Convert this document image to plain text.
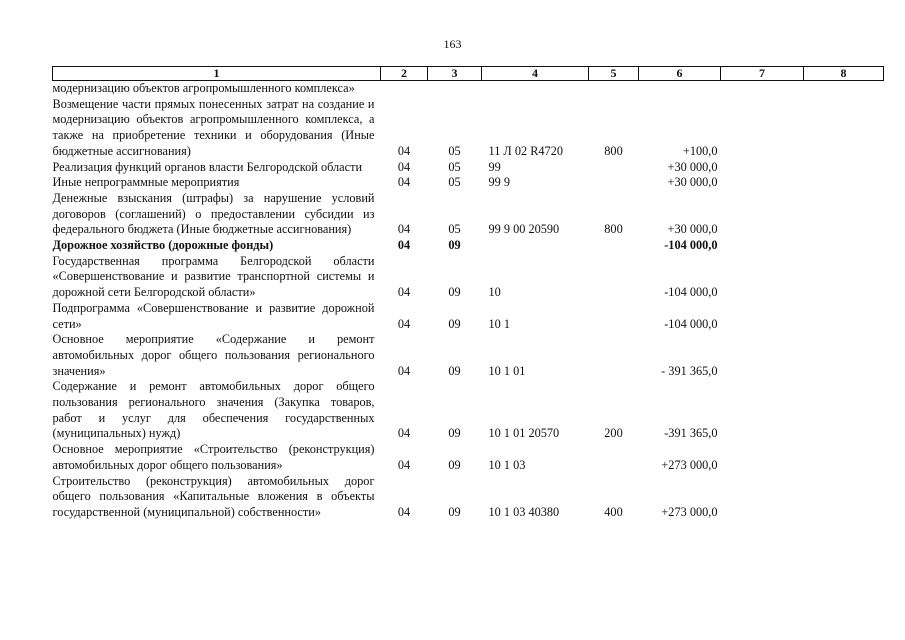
163
1	2	3	4	5	6	7	8
модернизацию объектов агропромышленного комплекса»							
Возмещение части прямых понесенных затрат на создание и модернизацию объектов агропромышленного комплекса, а также на приобретение техники и оборудования (Иные бюджетные ассигнования)	04	05	11 Л 02 R4720	800	+100,0		
Реализация функций органов власти Белгородской области	04	05	99		+30 000,0		
Иные непрограммные мероприятия	04	05	99 9		+30 000,0		
Денежные взыскания (штрафы) за нарушение условий договоров (соглашений) о предоставлении субсидии из федерального бюджета (Иные бюджетные ассигнования)	04	05	99 9 00 20590	800	+30 000,0		
Дорожное хозяйство (дорожные фонды)	04	09			-104 000,0		
Государственная программа Белгородской области «Совершенствование и развитие транспортной системы и дорожной сети Белгородской области»	04	09	10		-104 000,0		
Подпрограмма «Совершенствование и развитие дорожной сети»	04	09	10 1		-104 000,0		
Основное мероприятие «Содержание и ремонт автомобильных дорог общего пользования регионального значения»	04	09	10 1 01		- 391 365,0		
Содержание и ремонт автомобильных дорог общего пользования регионального значения (Закупка товаров, работ и услуг для обеспечения государственных (муниципальных) нужд)	04	09	10 1 01 20570	200	-391 365,0		
Основное мероприятие «Строительство (реконструкция) автомобильных дорог общего пользования»	04	09	10 1 03		+273 000,0		
Строительство (реконструкция) автомобильных дорог общего пользования «Капитальные вложения в объекты государственной (муниципальной) собственности»	04	09	10 1 03 40380	400	+273 000,0		
